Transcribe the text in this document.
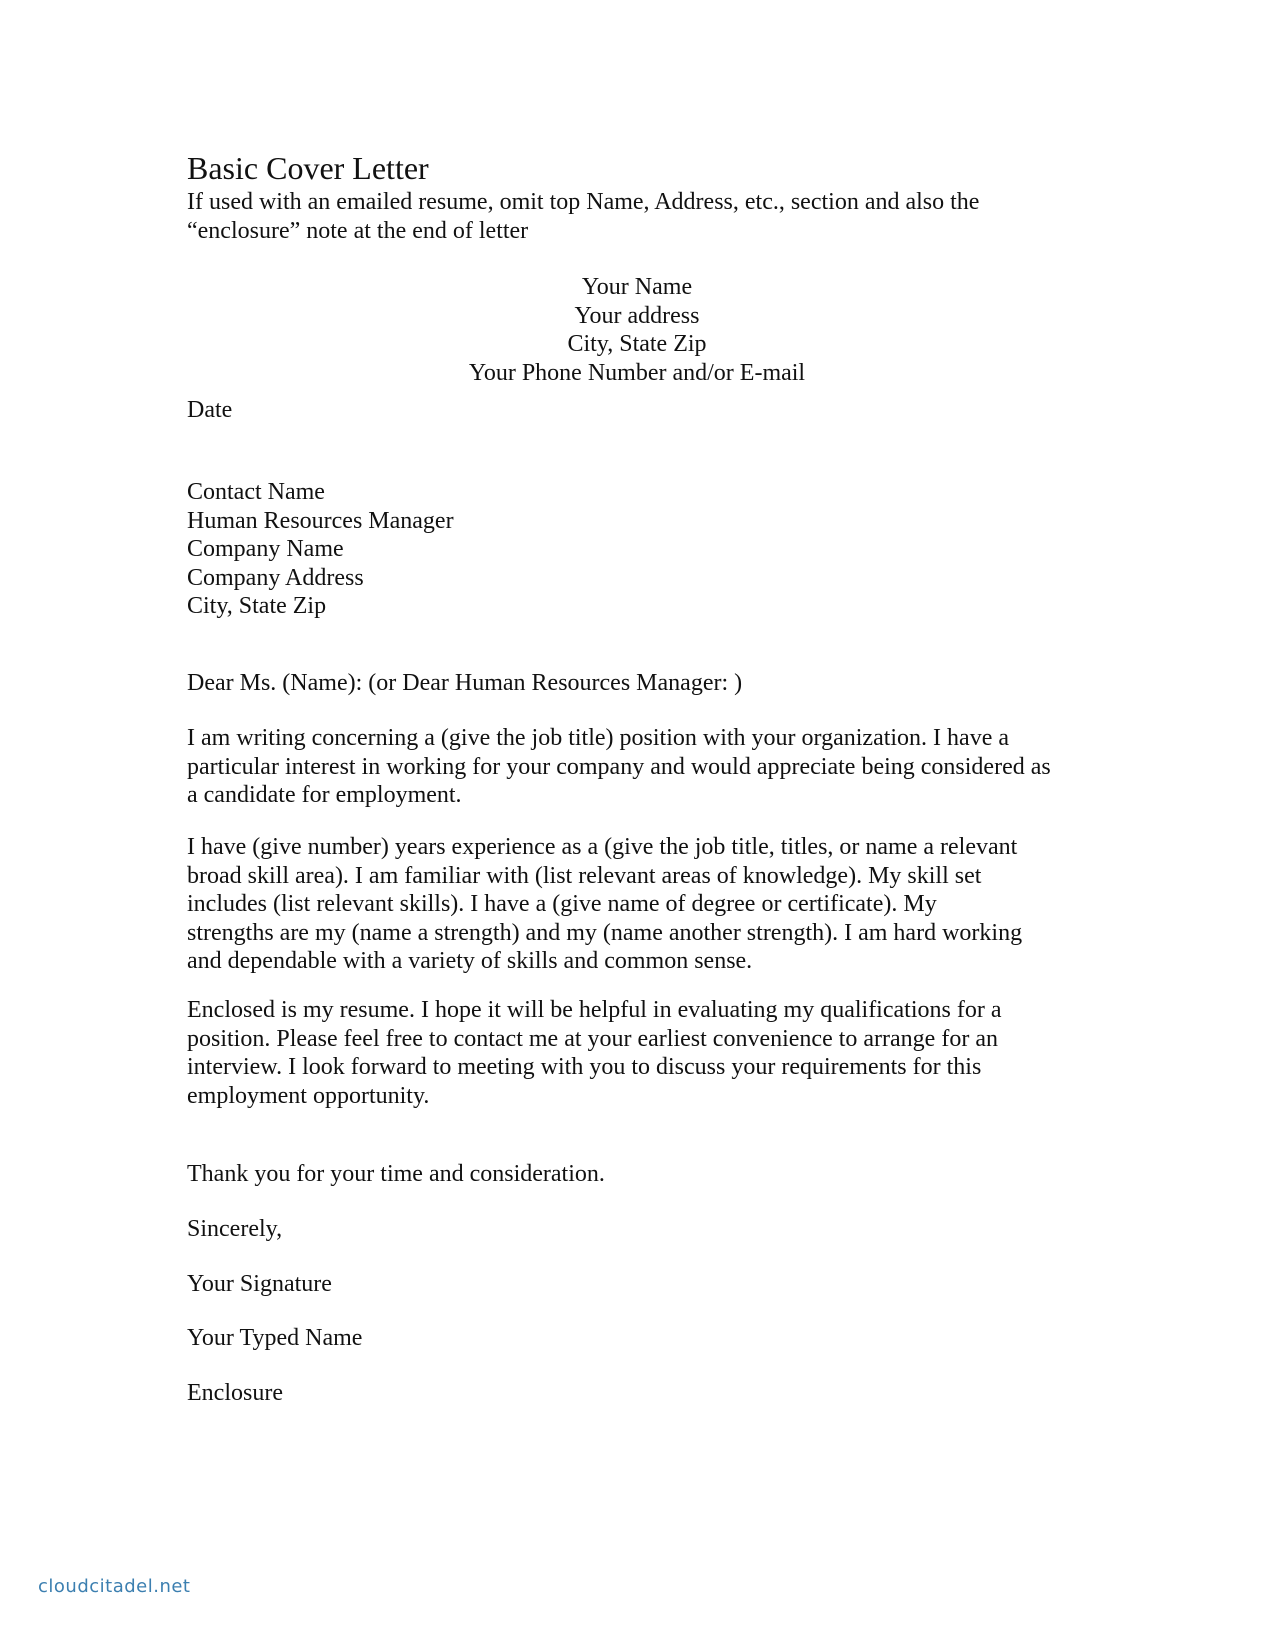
Basic Cover Letter
If used with an emailed resume, omit top Name, Address, etc., section and also the
“enclosure” note at the end of letter
Your Name
Your address
City, State Zip
Your Phone Number and/or E-mail
Date
Contact Name
Human Resources Manager
Company Name
Company Address
City, State Zip
Dear Ms. (Name): (or Dear Human Resources Manager: )
I am writing concerning a (give the job title) position with your organization. I have a
particular interest in working for your company and would appreciate being considered as
a candidate for employment.
I have (give number) years experience as a (give the job title, titles, or name a relevant
broad skill area). I am familiar with (list relevant areas of knowledge). My skill set
includes (list relevant skills). I have a (give name of degree or certificate). My
strengths are my (name a strength) and my (name another strength). I am hard working
and dependable with a variety of skills and common sense.
Enclosed is my resume. I hope it will be helpful in evaluating my qualifications for a
position. Please feel free to contact me at your earliest convenience to arrange for an
interview. I look forward to meeting with you to discuss your requirements for this
employment opportunity.
Thank you for your time and consideration.
Sincerely,
Your Signature
Your Typed Name
Enclosure
cloudcitadel.net
